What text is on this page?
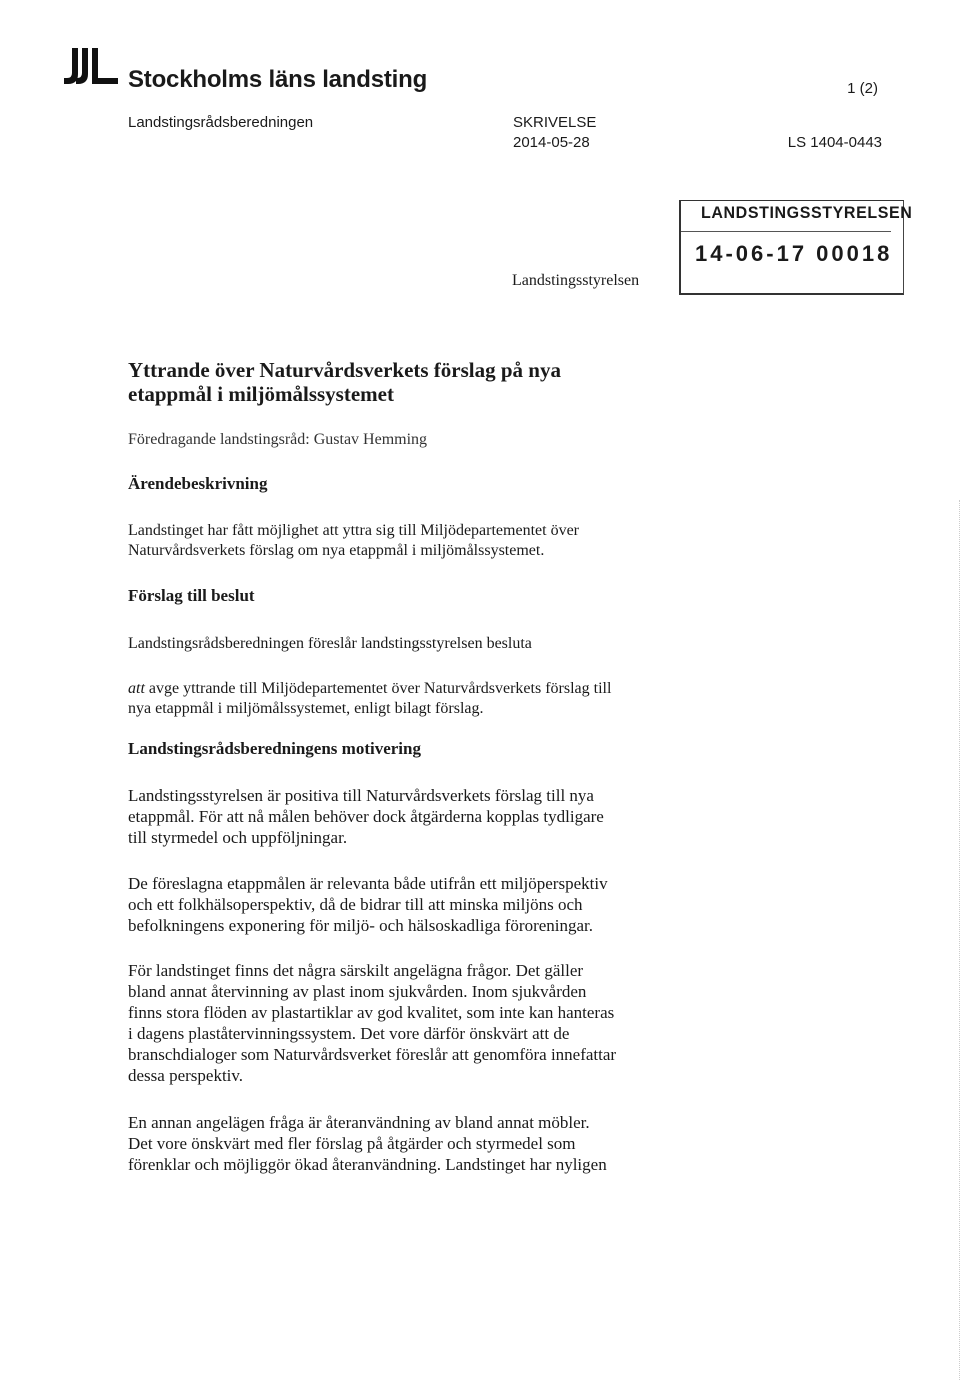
Stockholms läns landsting	1 (2)
Landstingsrådsberedningen	SKRIVELSE
2014-05-28	LS 1404-0443
Landstingsstyrelsen
LANDSTINGSSTYRELSEN
14-06-17 00018
Yttrande över Naturvårdsverkets förslag på nya
etappmål i miljömålssystemet
Föredragande landstingsråd: Gustav Hemming
Ärendebeskrivning
Landstinget har fått möjlighet att yttra sig till Miljödepartementet över
Naturvårdsverkets förslag om nya etappmål i miljömålssystemet.
Förslag till beslut
Landstingsrådsberedningen föreslår landstingsstyrelsen besluta
att avge yttrande till Miljödepartementet över Naturvårdsverkets förslag till
nya etappmål i miljömålssystemet, enligt bilagt förslag.
Landstingsrådsberedningens motivering
Landstingsstyrelsen är positiva till Naturvårdsverkets förslag till nya
etappmål. För att nå målen behöver dock åtgärderna kopplas tydligare
till styrmedel och uppföljningar.
De föreslagna etappmålen är relevanta både utifrån ett miljöperspektiv
och ett folkhälsoperspektiv, då de bidrar till att minska miljöns och
befolkningens exponering för miljö- och hälsoskadliga föroreningar.
För landstinget finns det några särskilt angelägna frågor. Det gäller
bland annat återvinning av plast inom sjukvården. Inom sjukvården
finns stora flöden av plastartiklar av god kvalitet, som inte kan hanteras
i dagens plaståtervinningssystem. Det vore därför önskvärt att de
branschdialoger som Naturvårdsverket föreslår att genomföra innefattar
dessa perspektiv.
En annan angelägen fråga är återanvändning av bland annat möbler.
Det vore önskvärt med fler förslag på åtgärder och styrmedel som
förenklar och möjliggör ökad återanvändning. Landstinget har nyligen
